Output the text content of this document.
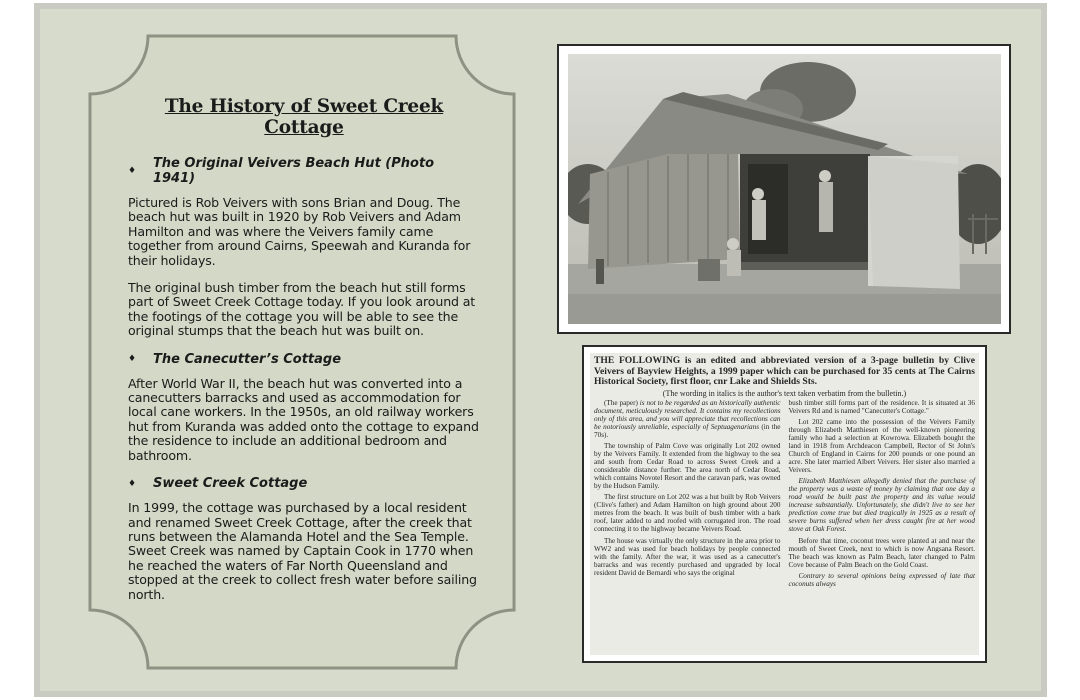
The History of Sweet Creek Cottage
♦	The Original Veivers Beach Hut (Photo 1941)

Pictured is Rob Veivers with sons Brian and Doug. The beach hut was built in 1920 by Rob Veivers and Adam Hamilton and was where the Veivers family came together from around Cairns, Speewah and Kuranda for their holidays.

The original bush timber from the beach hut still forms part of Sweet Creek Cottage today. If you look around at the footings of the cottage you will be able to see the original stumps that the beach hut was built on.

♦	The Canecutter’s Cottage

After World War II, the beach hut was converted into a canecutters barracks and used as accommodation for local cane workers. In the 1950s, an old railway workers hut from Kuranda was added onto the cottage to expand the residence to include an additional bedroom and bathroom.

♦	Sweet Creek Cottage

In 1999, the cottage was purchased by a local resident and renamed Sweet Creek Cottage, after the creek that runs between the Alamanda Hotel and the Sea Temple. Sweet Creek was named by Captain Cook in 1770 when he reached the waters of Far North Queensland and stopped at the creek to collect fresh water before sailing north.

THE FOLLOWING is an edited and abbreviated version of a 3-page bulletin by Clive Veivers of Bayview Heights, a 1999 paper which can be purchased for 35 cents at The Cairns Historical Society, first floor, cnr Lake and Shields Sts.
(The wording in italics is the author's text taken verbatim from the bulletin.)

(The paper) is not to be regarded as an historically authentic document, meticulously researched. It contains my recollections only of this area, and you will appreciate that recollections can be notoriously unreliable, especially of Septuagenarians (in the 70s).

The township of Palm Cove was originally Lot 202 owned by the Veivers Family. It extended from the highway to the sea and south from Cedar Road to across Sweet Creek and a considerable distance further. The area north of Cedar Road, which contains Novotel Resort and the caravan park, was owned by the Hudson Family.

The first structure on Lot 202 was a hut built by Rob Veivers (Clive's father) and Adam Hamilton on high ground about 200 metres from the beach. It was built of bush timber with a bark roof, later added to and roofed with corrugated iron. The road connecting it to the highway became Veivers Road.

The house was virtually the only structure in the area prior to WW2 and was used for beach holidays by people connected with the family. After the war, it was used as a canecutter's barracks and was recently purchased and upgraded by local resident David de Bernardi who says the original

bush timber still forms part of the residence. It is situated at 36 Veivers Rd and is named "Canecutter's Cottage."

Lot 202 came into the possession of the Veivers Family through Elizabeth Matthiesen of the well-known pioneering family who had a selection at Kowrowa. Elizabeth bought the land in 1918 from Archdeacon Campbell, Rector of St John's Church of England in Cairns for 200 pounds or one pound an acre. She later married Albert Veivers. Her sister also married a Veivers.

Elizabeth Matthiesen allegedly denied that the purchase of the property was a waste of money by claiming that one day a road would be built past the property and its value would increase substantially. Unfortunately, she didn't live to see her prediction come true but died tragically in 1925 as a result of severe burns suffered when her dress caught fire at her wood stove at Oak Forest.

Before that time, coconut trees were planted at and near the mouth of Sweet Creek, next to which is now Angsana Resort. The beach was known as Palm Beach, later changed to Palm Cove because of Palm Beach on the Gold Coast.

Contrary to several opinions being expressed of late that coconuts always
